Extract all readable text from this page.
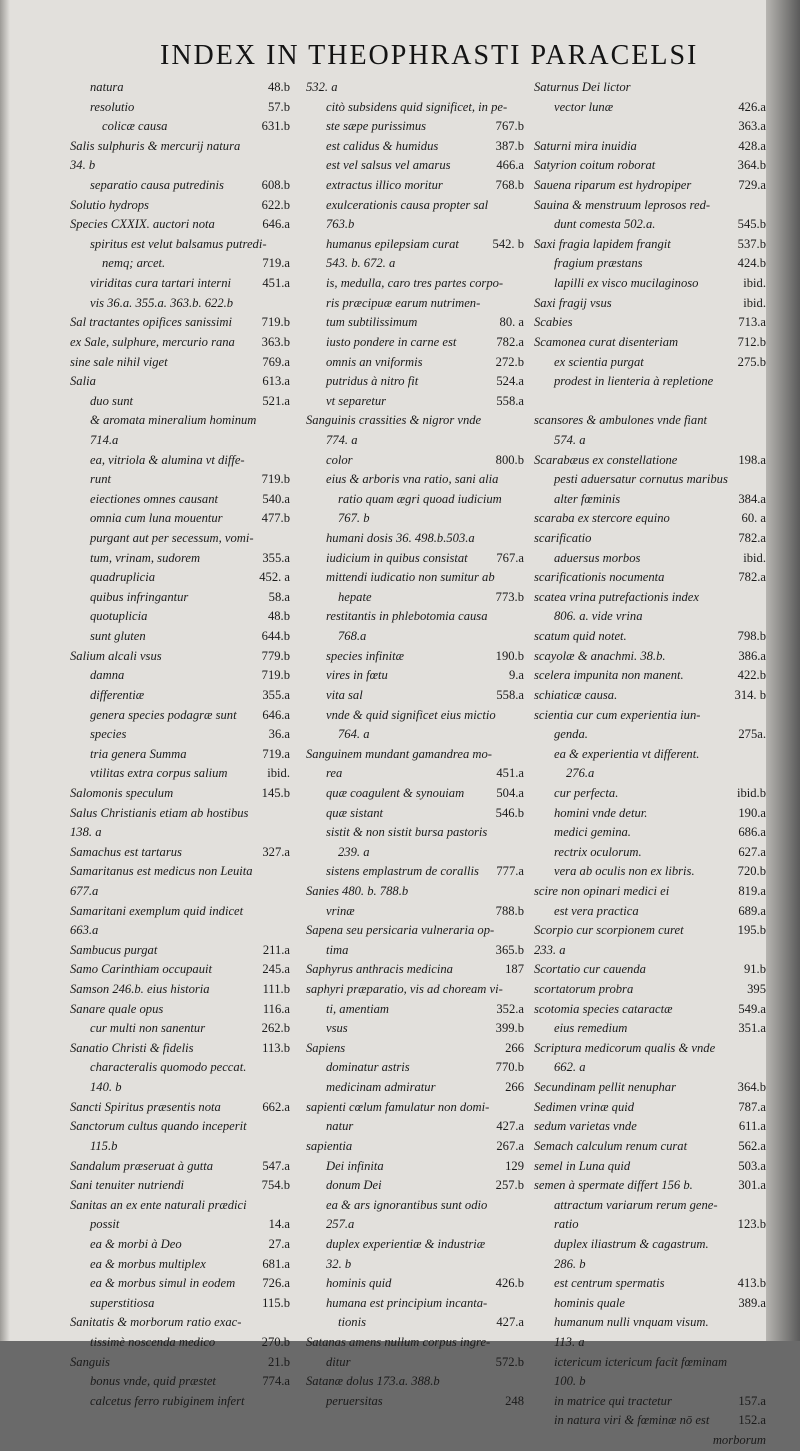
INDEX IN THEOPHRASTI PARACELSI
natura	48.b
resolutio	57.b
colicæ causa	631.b
Salis sulphuris & mercurij natura
34. b
separatio causa putredinis	608.b
Solutio hydrops	622.b
Species CXXIX. auctori nota	646.a
spiritus est velut balsamus putredi-
nemq; arcet.	719.a
viriditas cura tartari interni 451.a
vis 36.a. 355.a. 363.b. 622.b
Sal tractantes opifices sanissimi 719.b
ex Sale, sulphure, mercurio rana 363.b
sine sale nihil viget	769.a
Salia	613.a
duo sunt	521.a
& aromata mineralium hominum
714.a
ea, vitriola & alumina vt diffe-
runt	719.b
eiectiones omnes causant	540.a
omnia cum luna mouentur	477.b
purgant aut per secessum, vomi-
tum, vrinam, sudorem	355.a
quadruplicia	452. a
quibus infringantur	58.a
quotuplicia	48.b
sunt gluten	644.b
Salium alcali vsus	779.b
damna	719.b
differentiæ	355.a
genera species podagræ sunt 646.a
species	36.a
tria genera Summa	719.a
vtilitas extra corpus salium	ibid.
Salomonis speculum	145.b
Salus Christianis etiam ab hostibus
138. a
Samachus est tartarus	327.a
Samaritanus est medicus non Leuita
677.a
Samaritani exemplum quid indicet
663.a
Sambucus purgat	211.a
Samo Carinthiam occupauit	245.a
Samson 246.b. eius historia	111.b
Sanare quale opus	116.a
cur multi non sanentur	262.b
Sanatio Christi & fidelis	113.b
characteralis quomodo peccat.
140. b
Sancti Spiritus præsentis nota	662.a
Sanctorum cultus quando inceperit
115.b
Sandalum præseruat à gutta	547.a
Sani tenuiter nutriendi	754.b
Sanitas an ex ente naturali prædici
possit	14.a
ea & morbi à Deo	27.a
ea & morbus multiplex	681.a
ea & morbus simul in eodem 726.a
superstitiosa	115.b
Sanitatis & morborum ratio exac-
tissimè noscenda medico	270.b
Sanguis	21.b
bonus vnde, quid præstet	774.a
calcetus ferro rubiginem infert
532. a
citò subsidens quid significet, in pe-
ste sæpe purissimus	767.b
est calidus & humidus	387.b
est vel salsus vel amarus	466.a
extractus illico moritur	768.b
exulcerationis causa propter sal
763.b
humanus epilepsiam curat	542. b
543. b. 672. a
is, medulla, caro tres partes corpo-
ris præcipuæ earum nutrimen-
tum subtilissimum	80. a
iusto pondere in carne est	782.a
omnis an vniformis	272.b
putridus à nitro fit	524.a
vt separetur	558.a
Sanguinis crassities & nigror vnde
774. a
color	800.b
eius & arboris vna ratio, sani alia
ratio quam ægri quoad iudicium
767. b
humani dosis 36. 498.b.503.a
iudicium in quibus consistat 767.a
mittendi iudicatio non sumitur ab
hepate	773.b
restitantis in phlebotomia causa
768.a
species infinitæ	190.b
vires in fœtu	9.a
vita sal	558.a
vnde & quid significet eius mictio
764. a
Sanguinem mundant gamandrea mo-
rea	451.a
quæ coagulent & synouiam	504.a
quæ sistant	546.b
sistit & non sistit bursa pastoris
239. a
sistens emplastrum de corallis 777.a
Sanies 480. b. 788.b
vrinæ	788.b
Sapena seu persicaria vulneraria op-
tima	365.b
Saphyrus anthracis medicina	187
saphyri præparatio, vis ad choream vi-
ti, amentiam	352.a
vsus	399.b
Sapiens	266
dominatur astris	770.b
medicinam admiratur	266
sapienti cœlum famulatur non domi-
natur	427.a
sapientia	267.a
Dei infinita	129
donum Dei	257.b
ea & ars ignorantibus sunt odio
257.a
duplex experientiæ & industriæ
32. b
hominis quid	426.b
humana est principium incanta-
tionis	427.a
Satanas amens nullum corpus ingre-
ditur	572.b
Satanæ dolus 173.a. 388.b
peruersitas	248
Saturnus Dei lictor
vector lunæ	426.a
363.a
Saturni mira inuidia	428.a
Satyrion coitum roborat	364.b
Sauena riparum est hydropiper	729.a
Sauina & menstruum leprosos red-
dunt comesta 502.a.	545.b
Saxi fragia lapidem frangit	537.b
fragium præstans	424.b
lapilli ex visco mucilaginoso	ibid.
Saxi fragij vsus	ibid.
Scabies	713.a
Scamonea curat disenteriam	712.b
ex scientia purgat	275.b
prodest in lienteria à repletione
scansores & ambulones vnde fiant
574. a
Scarabæus ex constellatione	198.a
pesti aduersatur cornutus maribus
alter fœminis	384.a
scaraba ex stercore equino	60. a
scarificatio	782.a
aduersus morbos	ibid.
scarificationis nocumenta	782.a
scatea vrina putrefactionis index
806. a. vide vrina
scatum quid notet.	798.b
scayolæ & anachmi. 38.b.	386.a
scelera impunita non manent.	422.b
schiaticæ causa.	314. b
scientia cur cum experientia iun-
genda.	275a.
ea & experientia vt different.
276.a
cur perfecta.	ibid.b
homini vnde detur.	190.a
medici gemina.	686.a
rectrix oculorum.	627.a
vera ab oculis non ex libris.	720.b
scire non opinari medici ei	819.a
est vera practica	689.a
Scorpio cur scorpionem curet	195.b
233. a
Scortatio cur cauenda	91.b
scortatorum probra	395
scotomia species cataractæ	549.a
eius remedium	351.a
Scriptura medicorum qualis & vnde
662. a
Secundinam pellit nenuphar	364.b
Sedimen vrinæ quid	787.a
sedum varietas vnde	611.a
Semach calculum renum curat	562.a
semel in Luna quid	503.a
semen à spermate differt 156 b.	301.a
attractum variarum rerum gene-
ratio	123.b
duplex iliastrum & cagastrum.
286. b
est centrum spermatis	413.b
hominis quale	389.a
humanum nulli vnquam visum.
113. a
ictericum ictericum facit fœminam
100. b
in matrice qui tractetur	157.a
in natura viri & fœminæ nō est 152.a
morborum
